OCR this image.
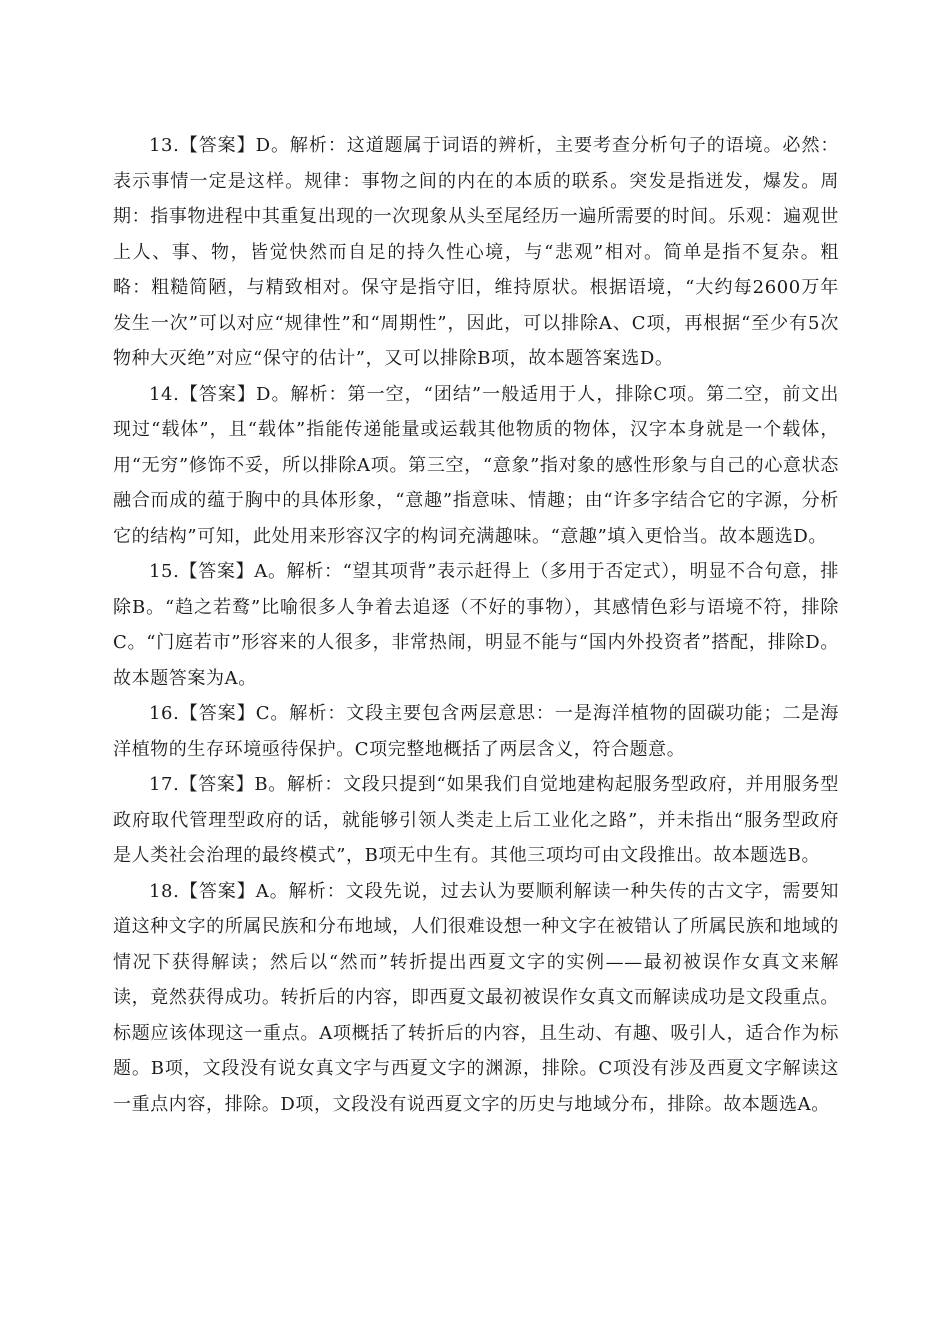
13.【答案】D。解析：这道题属于词语的辨析，主要考查分析句子的语境。必然：表示事情一定是这样。规律：事物之间的内在的本质的联系。突发是指迸发，爆发。周期：指事物进程中其重复出现的一次现象从头至尾经历一遍所需要的时间。乐观：遍观世上人、事、物，皆觉快然而自足的持久性心境，与“悲观”相对。简单是指不复杂。粗略：粗糙简陋，与精致相对。保守是指守旧，维持原状。根据语境，“大约每2600万年发生一次”可以对应“规律性”和“周期性”，因此，可以排除A、C项，再根据“至少有5次物种大灭绝”对应“保守的估计”，又可以排除B项，故本题答案选D。

14.【答案】D。解析：第一空，“团结”一般适用于人，排除C项。第二空，前文出现过“载体”，且“载体”指能传递能量或运载其他物质的物体，汉字本身就是一个载体，用“无穷”修饰不妥，所以排除A项。第三空，“意象”指对象的感性形象与自己的心意状态融合而成的蕴于胸中的具体形象，“意趣”指意味、情趣；由“许多字结合它的字源，分析它的结构”可知，此处用来形容汉字的构词充满趣味。“意趣”填入更恰当。故本题选D。

15.【答案】A。解析：“望其项背”表示赶得上（多用于否定式），明显不合句意，排除B。“趋之若鹜”比喻很多人争着去追逐（不好的事物），其感情色彩与语境不符，排除C。“门庭若市”形容来的人很多，非常热闹，明显不能与“国内外投资者”搭配，排除D。故本题答案为A。

16.【答案】C。解析：文段主要包含两层意思：一是海洋植物的固碳功能；二是海洋植物的生存环境亟待保护。C项完整地概括了两层含义，符合题意。

17.【答案】B。解析：文段只提到“如果我们自觉地建构起服务型政府，并用服务型政府取代管理型政府的话，就能够引领人类走上后工业化之路”，并未指出“服务型政府是人类社会治理的最终模式”，B项无中生有。其他三项均可由文段推出。故本题选B。

18.【答案】A。解析：文段先说，过去认为要顺利解读一种失传的古文字，需要知道这种文字的所属民族和分布地域，人们很难设想一种文字在被错认了所属民族和地域的情况下获得解读；然后以“然而”转折提出西夏文字的实例——最初被误作女真文来解读，竟然获得成功。转折后的内容，即西夏文最初被误作女真文而解读成功是文段重点。标题应该体现这一重点。A项概括了转折后的内容，且生动、有趣、吸引人，适合作为标题。B项，文段没有说女真文字与西夏文字的渊源，排除。C项没有涉及西夏文字解读这一重点内容，排除。D项，文段没有说西夏文字的历史与地域分布，排除。故本题选A。
